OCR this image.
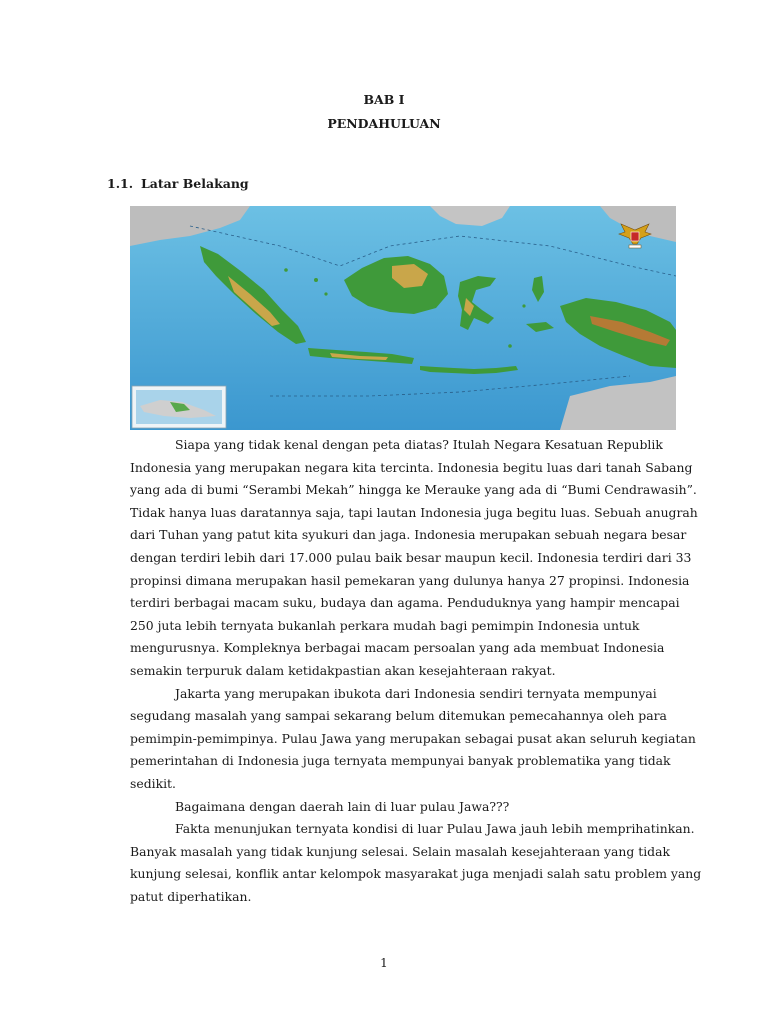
BAB I
PENDAHULUAN
1.1. Latar Belakang
Siapa yang tidak kenal dengan peta diatas? Itulah Negara Kesatuan Republik
Indonesia yang merupakan negara kita tercinta. Indonesia begitu luas dari tanah Sabang
yang ada di bumi “Serambi Mekah” hingga ke Merauke yang ada di “Bumi Cendrawasih”.
Tidak hanya luas daratannya saja, tapi lautan Indonesia juga begitu luas. Sebuah anugrah
dari Tuhan yang patut kita syukuri dan jaga. Indonesia merupakan sebuah negara besar
dengan terdiri lebih dari 17.000 pulau baik besar maupun kecil. Indonesia terdiri dari 33
propinsi dimana merupakan hasil pemekaran yang dulunya hanya 27 propinsi. Indonesia
terdiri berbagai macam suku, budaya dan agama. Penduduknya yang hampir mencapai
250 juta lebih ternyata bukanlah perkara mudah bagi pemimpin Indonesia untuk
mengurusnya. Kompleknya berbagai macam persoalan yang ada membuat Indonesia
semakin terpuruk dalam ketidakpastian akan kesejahteraan rakyat.
Jakarta yang merupakan ibukota dari Indonesia sendiri ternyata mempunyai
segudang masalah yang sampai sekarang belum ditemukan pemecahannya oleh para
pemimpin-pemimpinya. Pulau Jawa yang merupakan sebagai pusat akan seluruh kegiatan
pemerintahan di Indonesia juga ternyata mempunyai banyak problematika yang tidak
sedikit.
Bagaimana dengan daerah lain di luar pulau Jawa???
Fakta menunjukan ternyata kondisi di luar Pulau Jawa jauh lebih memprihatinkan.
Banyak masalah yang tidak kunjung selesai. Selain masalah kesejahteraan yang tidak
kunjung selesai, konflik antar kelompok masyarakat juga menjadi salah satu problem yang
patut diperhatikan.
1
